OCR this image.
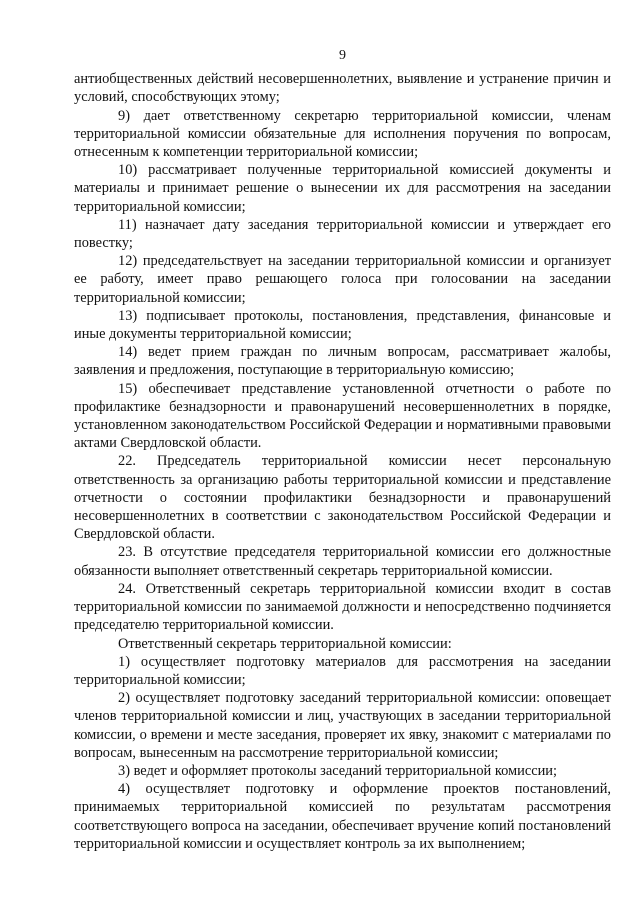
9

антиобщественных действий несовершеннолетних, выявление и устранение причин и условий, способствующих этому;

9) дает ответственному секретарю территориальной комиссии, членам территориальной комиссии обязательные для исполнения поручения по вопросам, отнесенным к компетенции территориальной комиссии;

10) рассматривает полученные территориальной комиссией документы и материалы и принимает решение о вынесении их для рассмотрения на заседании территориальной комиссии;

11) назначает дату заседания территориальной комиссии и утверждает его повестку;

12) председательствует на заседании территориальной комиссии и организует ее работу, имеет право решающего голоса при голосовании на заседании территориальной комиссии;

13) подписывает протоколы, постановления, представления, финансовые и иные документы территориальной комиссии;

14) ведет прием граждан по личным вопросам, рассматривает жалобы, заявления и предложения, поступающие в территориальную комиссию;

15) обеспечивает представление установленной отчетности о работе по профилактике безнадзорности и правонарушений несовершеннолетних в порядке, установленном законодательством Российской Федерации и нормативными правовыми актами Свердловской области.

22. Председатель территориальной комиссии несет персональную ответственность за организацию работы территориальной комиссии и представление отчетности о состоянии профилактики безнадзорности и правонарушений несовершеннолетних в соответствии с законодательством Российской Федерации и Свердловской области.

23. В отсутствие председателя территориальной комиссии его должностные обязанности выполняет ответственный секретарь территориальной комиссии.

24. Ответственный секретарь территориальной комиссии входит в состав территориальной комиссии по занимаемой должности и непосредственно подчиняется председателю территориальной комиссии.

Ответственный секретарь территориальной комиссии:

1) осуществляет подготовку материалов для рассмотрения на заседании территориальной комиссии;

2) осуществляет подготовку заседаний территориальной комиссии: оповещает членов территориальной комиссии и лиц, участвующих в заседании территориальной комиссии, о времени и месте заседания, проверяет их явку, знакомит с материалами по вопросам, вынесенным на рассмотрение территориальной комиссии;

3) ведет и оформляет протоколы заседаний территориальной комиссии;

4) осуществляет подготовку и оформление проектов постановлений, принимаемых территориальной комиссией по результатам рассмотрения соответствующего вопроса на заседании, обеспечивает вручение копий постановлений территориальной комиссии и осуществляет контроль за их выполнением;
